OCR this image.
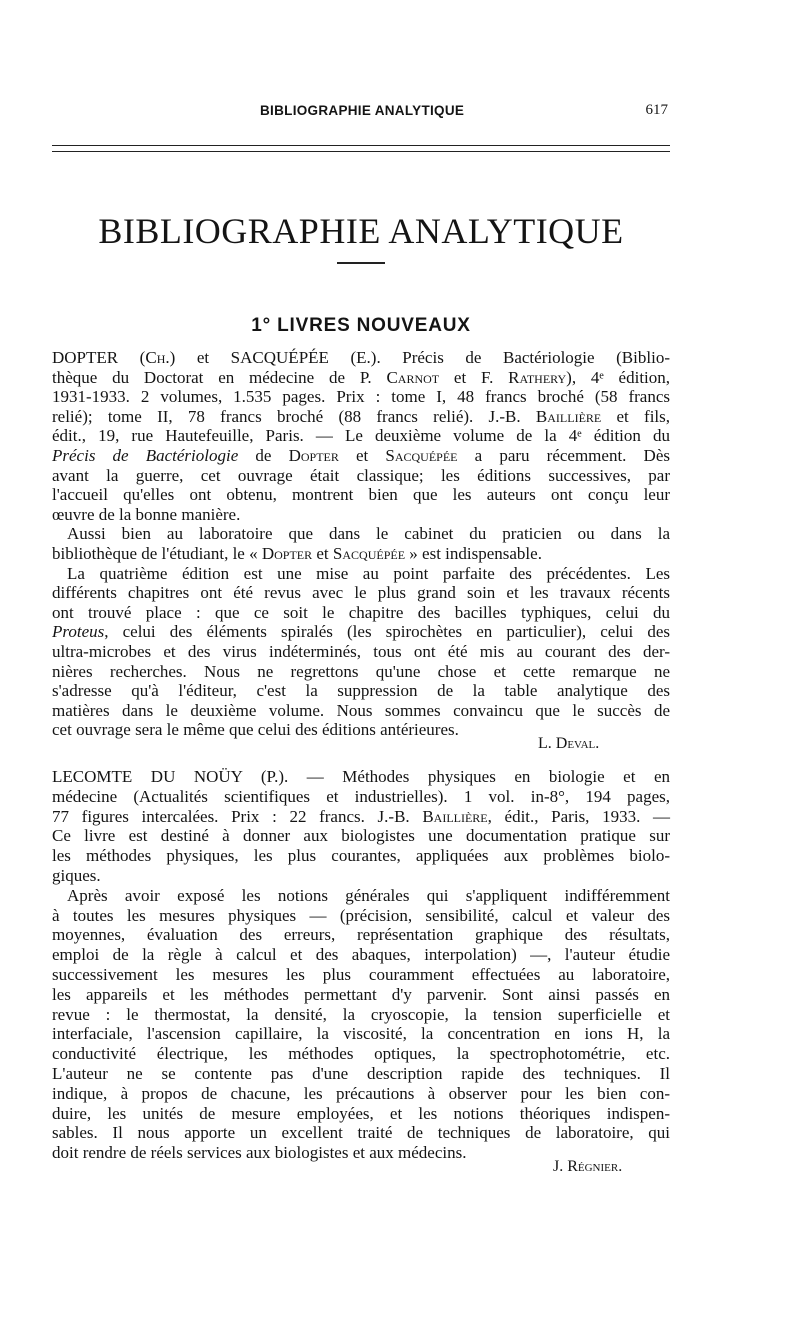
BIBLIOGRAPHIE ANALYTIQUE	617
BIBLIOGRAPHIE ANALYTIQUE
1° LIVRES NOUVEAUX
DOPTER (Ch.) et SACQUÉPÉE (E.). Précis de Bactériologie (Biblio-
thèque du Doctorat en médecine de P. Carnot et F. Rathery), 4ᵉ édition,
1931-1933. 2 volumes, 1.535 pages. Prix : tome I, 48 francs broché (58 francs
relié); tome II, 78 francs broché (88 francs relié). J.-B. Baillière et fils,
édit., 19, rue Hautefeuille, Paris. — Le deuxième volume de la 4ᵉ édition du
Précis de Bactériologie de Dopter et Sacquépée a paru récemment. Dès
avant la guerre, cet ouvrage était classique; les éditions successives, par
l'accueil qu'elles ont obtenu, montrent bien que les auteurs ont conçu leur
œuvre de la bonne manière.
Aussi bien au laboratoire que dans le cabinet du praticien ou dans la
bibliothèque de l'étudiant, le « Dopter et Sacquépée » est indispensable.
La quatrième édition est une mise au point parfaite des précédentes. Les
différents chapitres ont été revus avec le plus grand soin et les travaux récents
ont trouvé place : que ce soit le chapitre des bacilles typhiques, celui du
Proteus, celui des éléments spiralés (les spirochètes en particulier), celui des
ultra-microbes et des virus indéterminés, tous ont été mis au courant des der-
nières recherches. Nous ne regrettons qu'une chose et cette remarque ne
s'adresse qu'à l'éditeur, c'est la suppression de la table analytique des
matières dans le deuxième volume. Nous sommes convaincu que le succès de
cet ouvrage sera le même que celui des éditions antérieures.
L. Deval.
LECOMTE DU NOÜY (P.). — Méthodes physiques en biologie et en
médecine (Actualités scientifiques et industrielles). 1 vol. in-8°, 194 pages,
77 figures intercalées. Prix : 22 francs. J.-B. Baillière, édit., Paris, 1933. —
Ce livre est destiné à donner aux biologistes une documentation pratique sur
les méthodes physiques, les plus courantes, appliquées aux problèmes biolo-
giques.
Après avoir exposé les notions générales qui s'appliquent indifféremment
à toutes les mesures physiques — (précision, sensibilité, calcul et valeur des
moyennes, évaluation des erreurs, représentation graphique des résultats,
emploi de la règle à calcul et des abaques, interpolation) —, l'auteur étudie
successivement les mesures les plus couramment effectuées au laboratoire,
les appareils et les méthodes permettant d'y parvenir. Sont ainsi passés en
revue : le thermostat, la densité, la cryoscopie, la tension superficielle et
interfaciale, l'ascension capillaire, la viscosité, la concentration en ions H, la
conductivité électrique, les méthodes optiques, la spectrophotométrie, etc.
L'auteur ne se contente pas d'une description rapide des techniques. Il
indique, à propos de chacune, les précautions à observer pour les bien con-
duire, les unités de mesure employées, et les notions théoriques indispen-
sables. Il nous apporte un excellent traité de techniques de laboratoire, qui
doit rendre de réels services aux biologistes et aux médecins.
J. Régnier.
